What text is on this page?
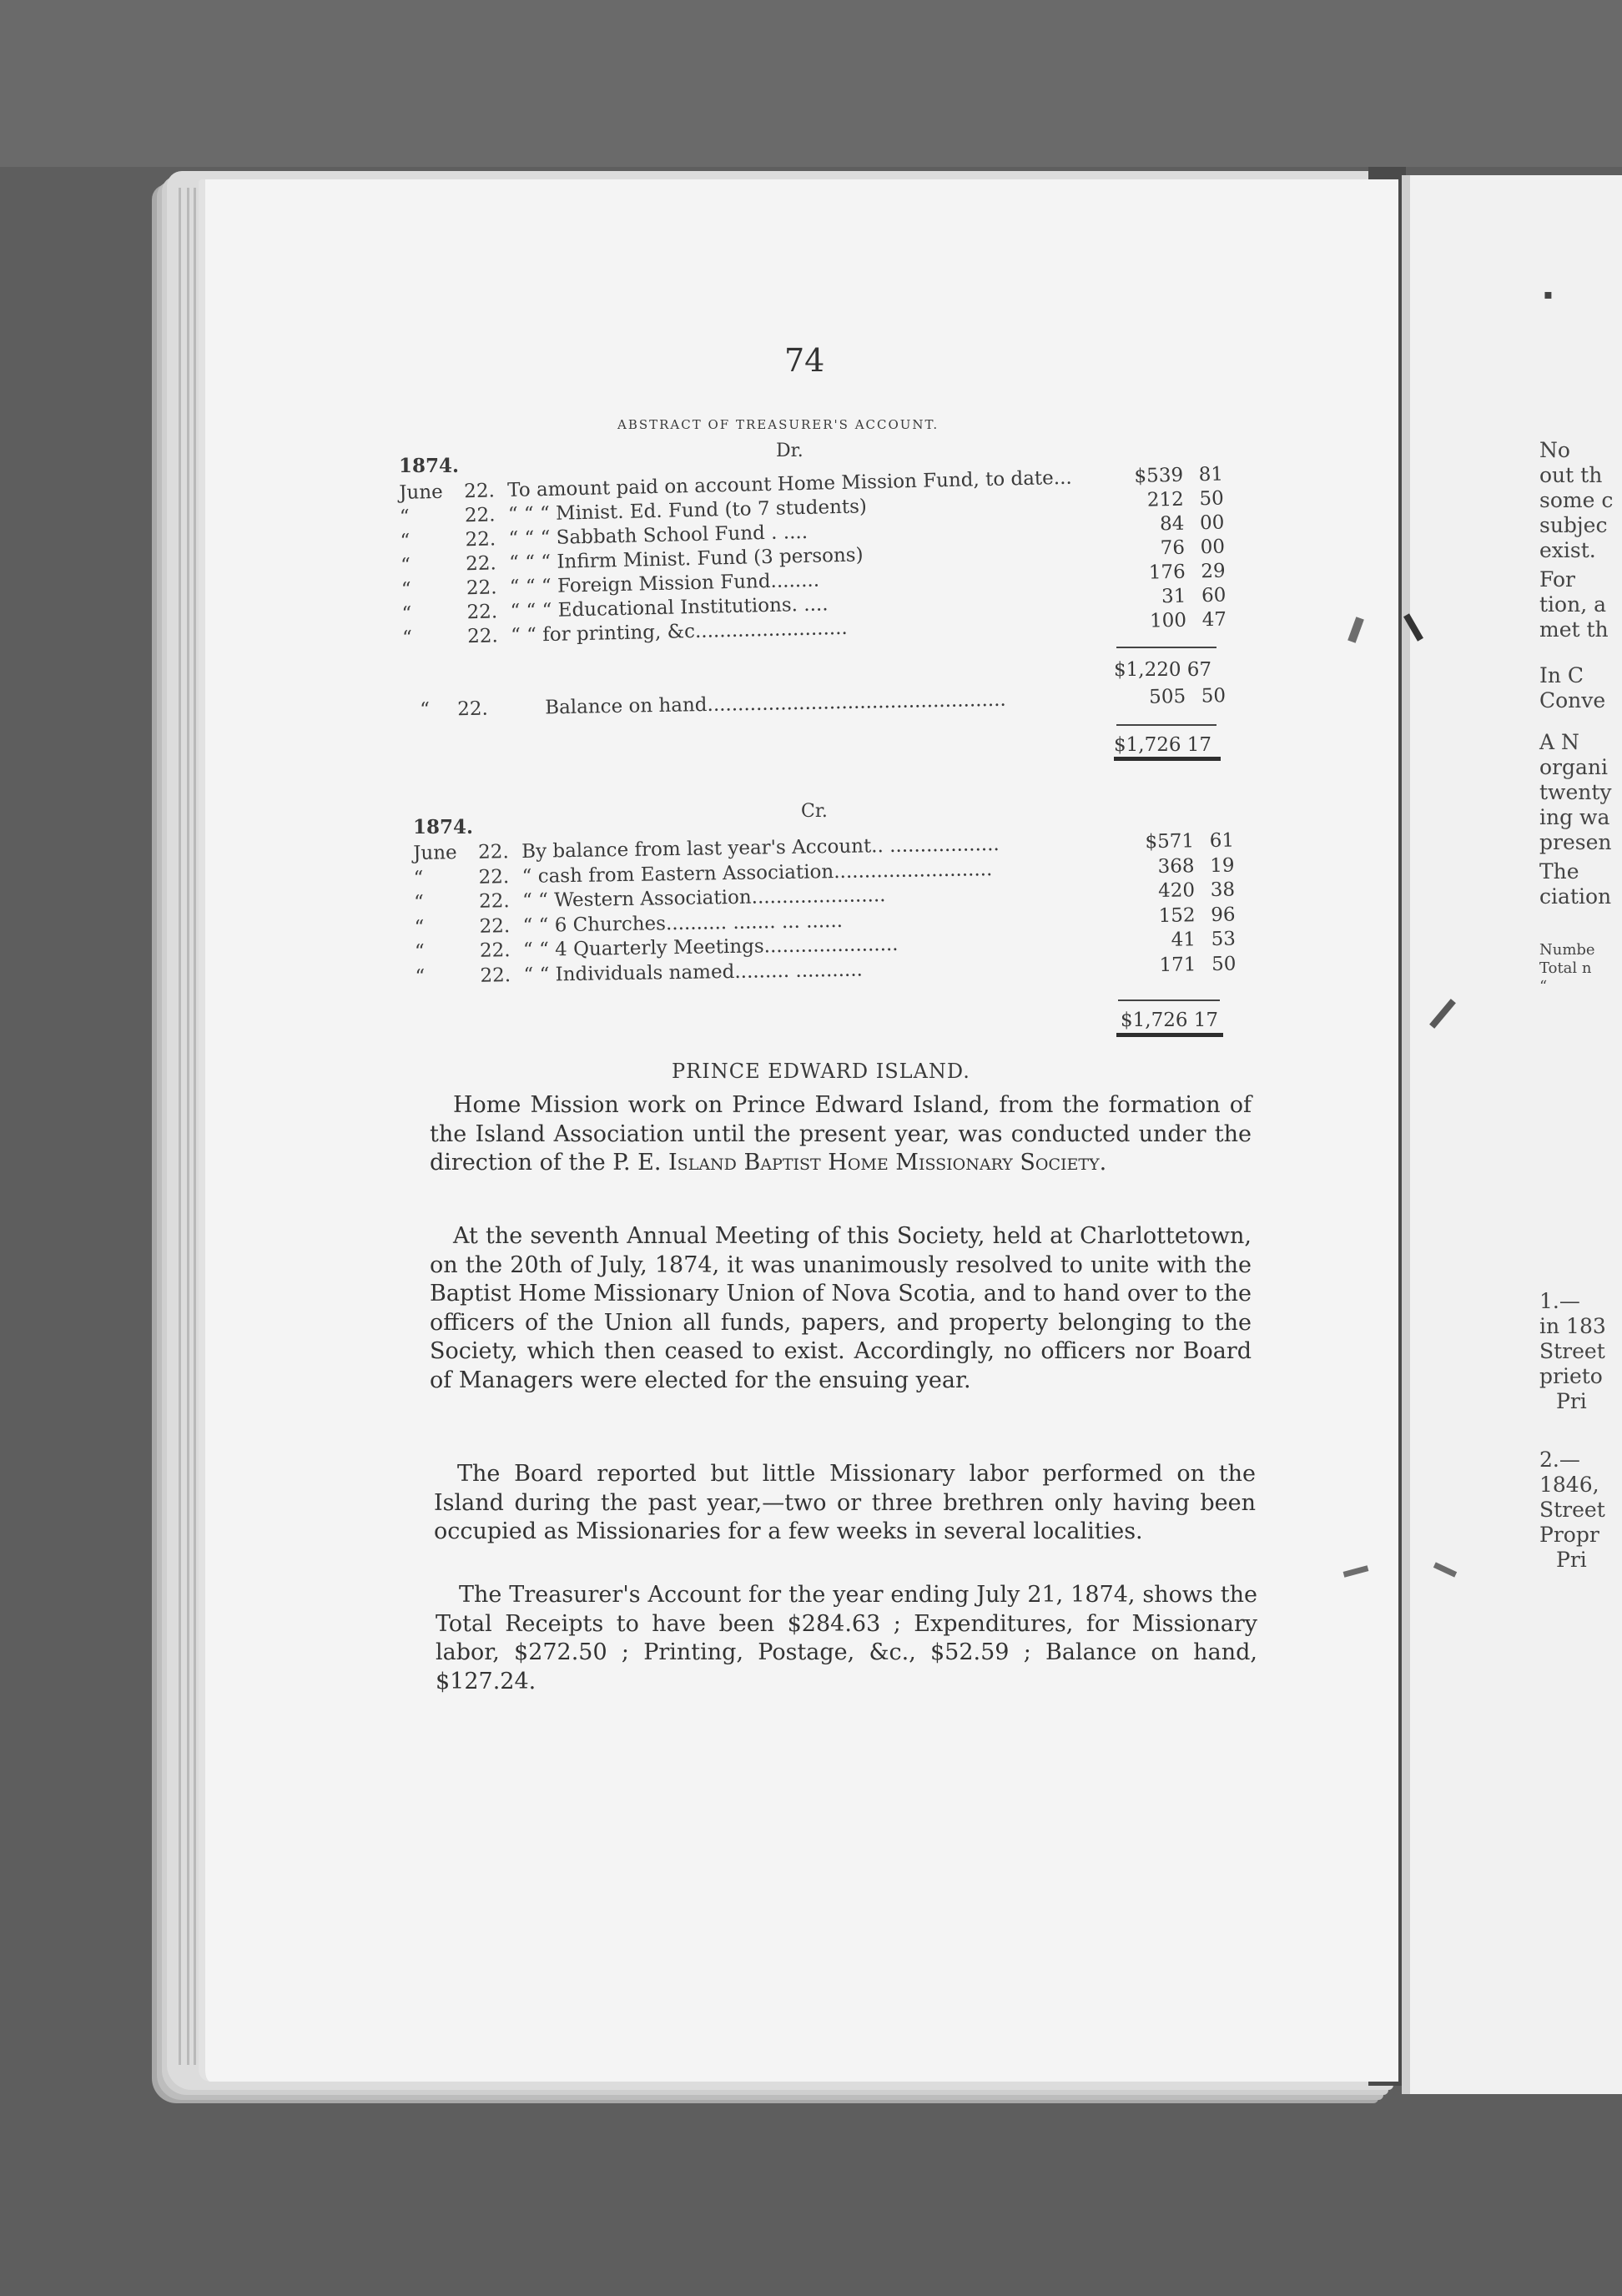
▪
No
out th
some c
subjec
exist.
For
tion, a
met th
In C
Conve
A N
organi
twenty
ing wa
presen
The
ciation
Numbe
Total n
“
1.—
in 183
Street
prieto
Pri
2.—
1846,
Street
Propr
Pri
74
ABSTRACT OF TREASURER'S ACCOUNT.
Dr.
1874.
June 22. To amount paid on account Home Mission Fund, to date...	$539 81
“	22. “ “ “ Minist. Ed. Fund (to 7 students)	212 50
“	22. “ “ “ Sabbath School Fund . ....	84 00
“	22. “ “ “ Infirm Minist. Fund (3 persons)	76 00
“	22. “ “ “ Foreign Mission Fund........	176 29
“	22. “ “ “ Educational Institutions. ....	31 60
“	22. “ “ for printing, &c.........................	100 47
$1,220 67
“ 22.	Balance on hand.................................................	505 50
$1,726 17
Cr.
1874.
June 22. By balance from last year's Account.. ..................	$571 61
“	22. “ cash from Eastern Association..........................	368 19
“	22. “ “ Western Association......................	420 38
“	22. “ “ 6 Churches.......... ....... ... ......	152 96
“	22. “ “ 4 Quarterly Meetings......................	41 53
“	22. “ “ Individuals named......... ...........	171 50
$1,726 17
PRINCE EDWARD ISLAND.
Home Mission work on Prince Edward Island, from the formation of the Island Association until the present year, was conducted under the direction of the P. E. Island Baptist Home Missionary Society.
At the seventh Annual Meeting of this Society, held at Charlottetown, on the 20th of July, 1874, it was unanimously resolved to unite with the Baptist Home Missionary Union of Nova Scotia, and to hand over to the officers of the Union all funds, papers, and property belonging to the Society, which then ceased to exist. Accordingly, no officers nor Board of Managers were elected for the ensuing year.
The Board reported but little Missionary labor performed on the Island during the past year,—two or three brethren only having been occupied as Missionaries for a few weeks in several localities.
The Treasurer's Account for the year ending July 21, 1874, shows the Total Receipts to have been $284.63 ; Expenditures, for Missionary labor, $272.50 ; Printing, Postage, &c., $52.59 ; Balance on hand, $127.24.
